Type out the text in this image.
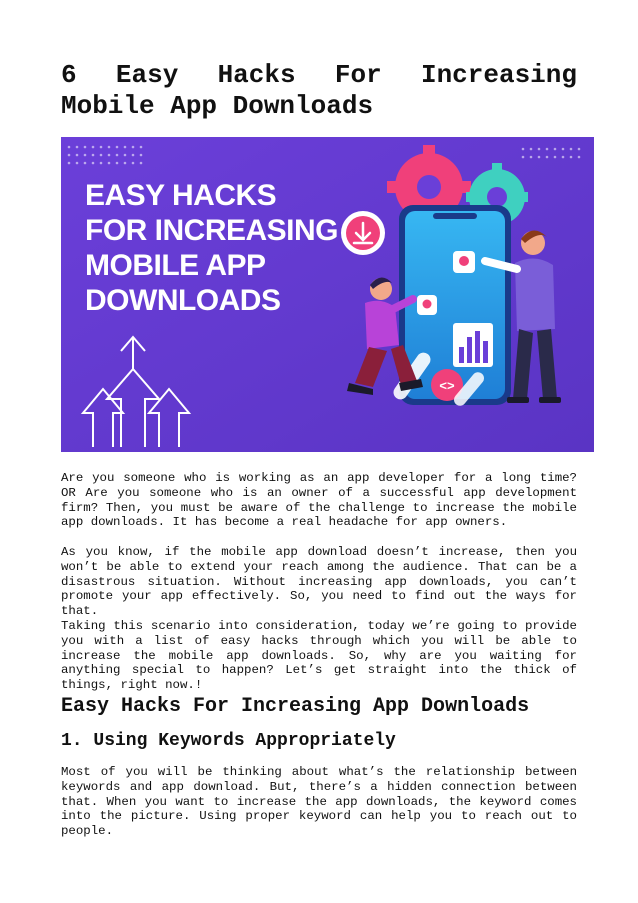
6 Easy Hacks For Increasing
Mobile App Downloads
EASY HACKS
FOR INCREASING
MOBILE APP
DOWNLOADS
<>

Are you someone who is working as an app developer for a long time? OR Are you someone who is an owner of a successful app development firm? Then, you must be aware of the challenge to increase the mobile app downloads. It has become a real headache for app owners.

As you know, if the mobile app download doesn’t increase, then you won’t be able to extend your reach among the audience. That can be a disastrous situation. Without increasing app downloads, you can’t promote your app effectively. So, you need to find out the ways for that.

Taking this scenario into consideration, today we’re going to provide you with a list of easy hacks through which you will be able to increase the mobile app downloads. So, why are you waiting for anything special to happen? Let’s get straight into the thick of things, right now.!

Easy Hacks For Increasing App Downloads
1. Using Keywords Appropriately

Most of you will be thinking about what’s the relationship between keywords and app download. But, there’s a hidden connection between that. When you want to increase the app downloads, the keyword comes into the picture. Using proper keyword can help you to reach out to people.
